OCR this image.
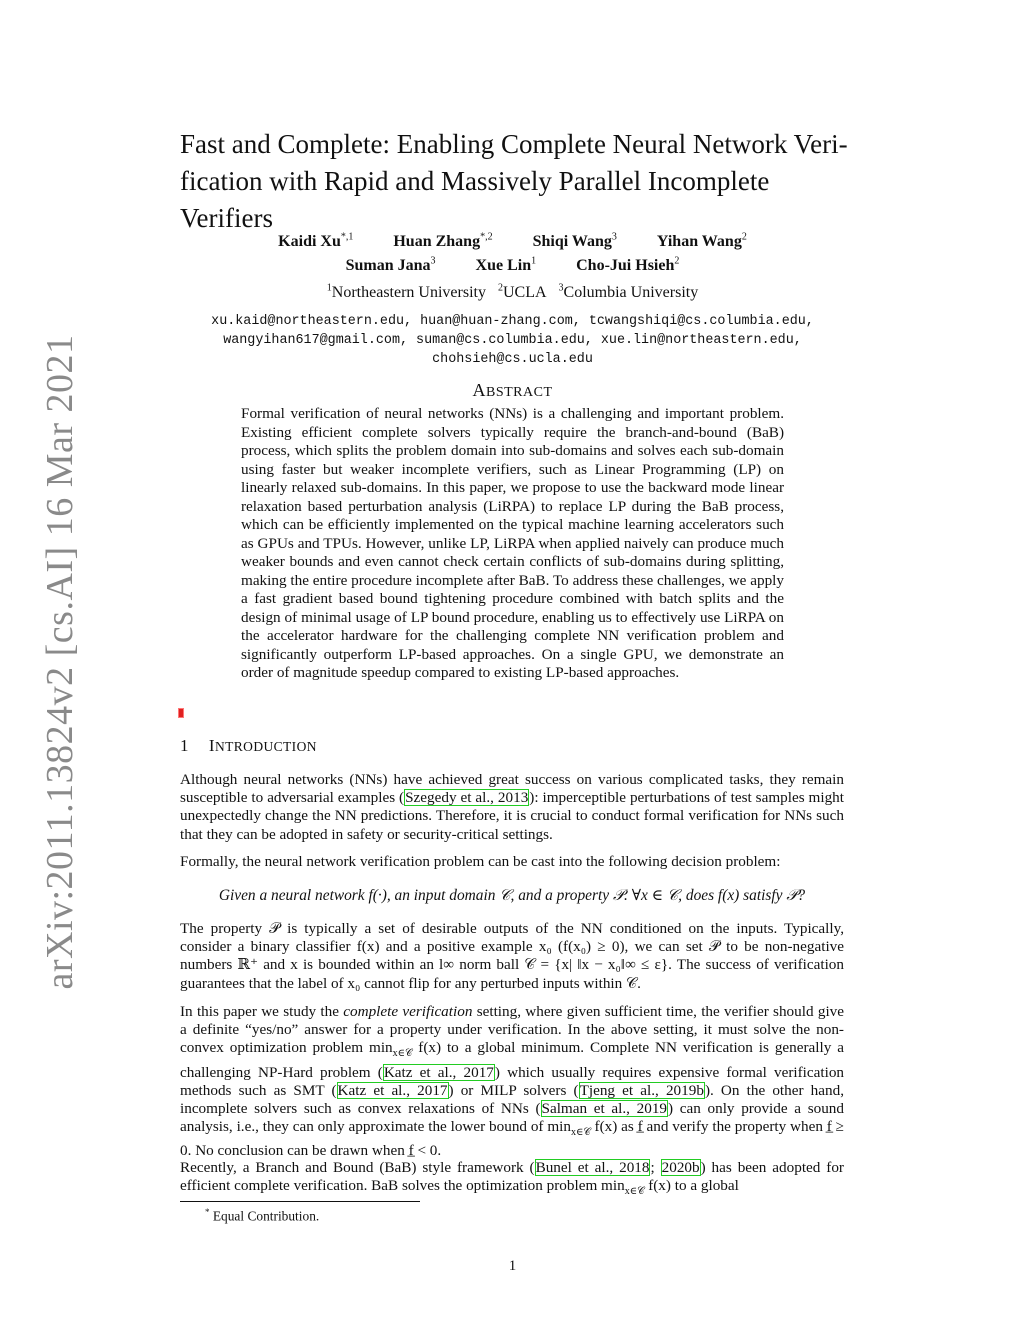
arXiv:2011.13824v2 [cs.AI] 16 Mar 2021
Fast and Complete: Enabling Complete Neural Network Veri-
fication with Rapid and Massively Parallel Incomplete Verifiers
Kaidi $Xu^{*,1}$	Huan Zhang$^{*,2}$	Shiqi Wang$^3$	Yihan Wang$^2$
Suman Jana$^3$	Xue Lin$^1$	Cho-Jui Hsieh$^2$
$^1$Northeastern University $^2$UCLA $^3$Columbia University
xu.kaid@northeastern.edu, huan@huan-zhang.com, tcwangshiqi@cs.columbia.edu,
wangyihan617@gmail.com, suman@cs.columbia.edu, xue.lin@northeastern.edu,
chohsieh@cs.ucla.edu
ABSTRACT
Formal verification of neural networks (NNs) is a challenging and important problem. Existing efficient complete solvers typically require the branch-and-bound (BaB) process, which splits the problem domain into sub-domains and solves each sub-domain using faster but weaker incomplete verifiers, such as Linear Programming (LP) on linearly relaxed sub-domains. In this paper, we propose to use the backward mode linear relaxation based perturbation analysis (LiRPA) to replace LP during the BaB process, which can be efficiently implemented on the typical machine learning accelerators such as GPUs and TPUs. However, unlike LP, LiRPA when applied naively can produce much weaker bounds and even cannot check certain conflicts of sub-domains during splitting, making the entire procedure incomplete after BaB. To address these challenges, we apply a fast gradient based bound tightening procedure combined with batch splits and the design of minimal usage of LP bound procedure, enabling us to effectively use LiRPA on the accelerator hardware for the challenging complete NN verification problem and significantly outperform LP-based approaches. On a single GPU, we demonstrate an order of magnitude speedup compared to existing LP-based approaches.
1 INTRODUCTION
Although neural networks (NNs) have achieved great success on various complicated tasks, they remain susceptible to adversarial examples (Szegedy et al., 2013): imperceptible perturbations of test samples might unexpectedly change the NN predictions. Therefore, it is crucial to conduct formal verification for NNs such that they can be adopted in safety or security-critical settings.
Formally, the neural network verification problem can be cast into the following decision problem:
Given a neural network f(·), an input domain 𝒞, and a property 𝒫. ∀x ∈ 𝒞, does f(x) satisfy 𝒫?
The property 𝒫 is typically a set of desirable outputs of the NN conditioned on the inputs. Typically, consider a binary classifier f(x) and a positive example x₀ (f(x₀) ≥ 0), we can set 𝒫 to be non-negative numbers ℝ⁺ and x is bounded within an l∞ norm ball 𝒞 = {x| ‖x − x₀‖∞ ≤ ε}. The success of verification guarantees that the label of x₀ cannot flip for any perturbed inputs within 𝒞.
In this paper we study the complete verification setting, where given sufficient time, the verifier should give a definite “yes/no” answer for a property under verification. In the above setting, it must solve the non-convex optimization problem $\min_{x\in 𝒞} f(x)$ to a global minimum. Complete NN verification is generally a challenging NP-Hard problem (Katz et al., 2017) which usually requires expensive formal verification methods such as SMT (Katz et al., 2017) or MILP solvers (Tjeng et al., 2019b). On the other hand, incomplete solvers such as convex relaxations of NNs (Salman et al., 2019) can only provide a sound analysis, i.e., they can only approximate the lower bound of $\min_{x\in 𝒞} f(x)$ as f̲ and verify the property when f̲ ≥ 0. No conclusion can be drawn when f̲ < 0.
Recently, a Branch and Bound (BaB) style framework (Bunel et al., 2018; 2020b) has been adopted for efficient complete verification. BaB solves the optimization problem $\min_{x\in 𝒞} f(x)$ to a global
* Equal Contribution.
1
